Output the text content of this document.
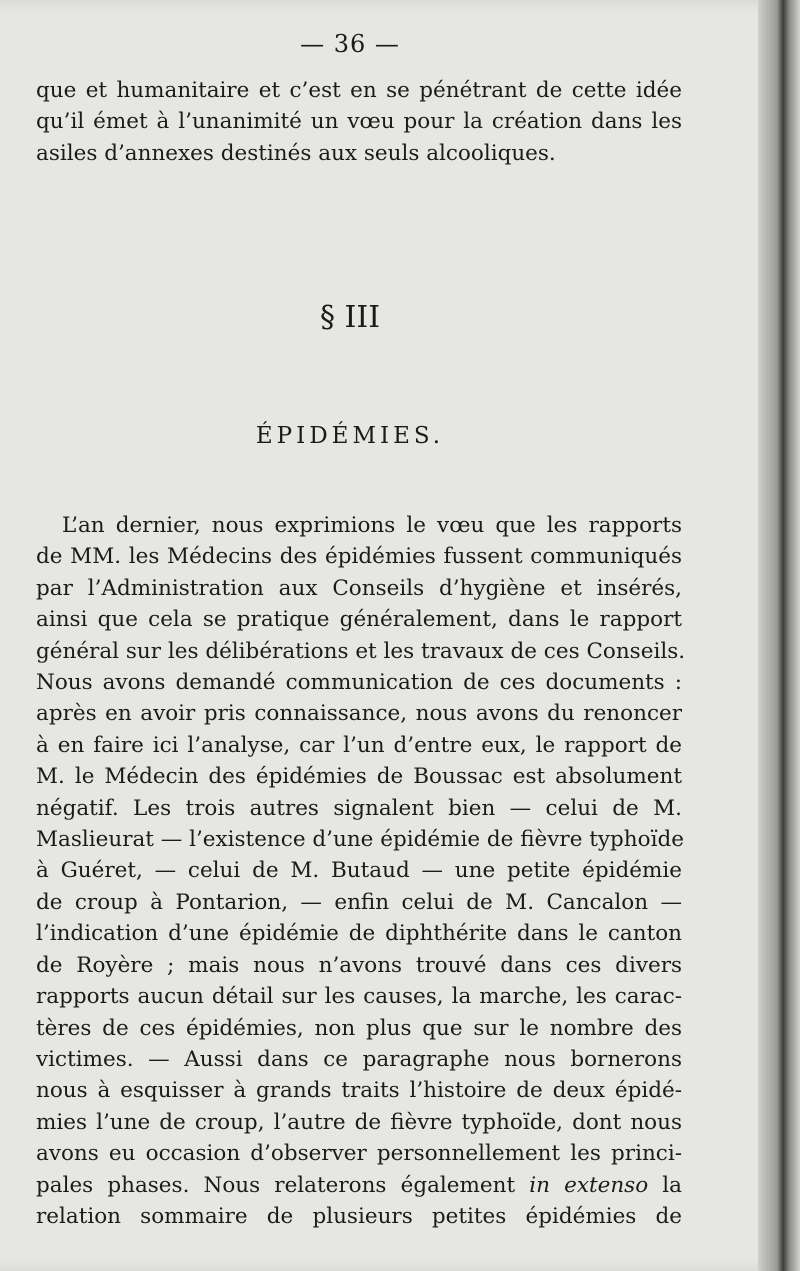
— 36 —
que et humanitaire et c’est en se pénétrant de cette idée
qu’il émet à l’unanimité un vœu pour la création dans les
asiles d’annexes destinés aux seuls alcooliques.
§ III
ÉPIDÉMIES.
L’an dernier, nous exprimions le vœu que les rapports
de MM. les Médecins des épidémies fussent communiqués
par l’Administration aux Conseils d’hygiène et insérés,
ainsi que cela se pratique généralement, dans le rapport
général sur les délibérations et les travaux de ces Conseils.
Nous avons demandé communication de ces documents :
après en avoir pris connaissance, nous avons du renoncer
à en faire ici l’analyse, car l’un d’entre eux, le rapport de
M. le Médecin des épidémies de Boussac est absolument
négatif. Les trois autres signalent bien — celui de M.
Maslieurat — l’existence d’une épidémie de fièvre typhoïde
à Guéret, — celui de M. Butaud — une petite épidémie
de croup à Pontarion, — enfin celui de M. Cancalon —
l’indication d’une épidémie de diphthérite dans le canton
de Royère ; mais nous n’avons trouvé dans ces divers
rapports aucun détail sur les causes, la marche, les carac-
tères de ces épidémies, non plus que sur le nombre des
victimes. — Aussi dans ce paragraphe nous bornerons
nous à esquisser à grands traits l’histoire de deux épidé-
mies l’une de croup, l’autre de fièvre typhoïde, dont nous
avons eu occasion d’observer personnellement les princi-
pales phases. Nous relaterons également in extenso la
relation sommaire de plusieurs petites épidémies de
